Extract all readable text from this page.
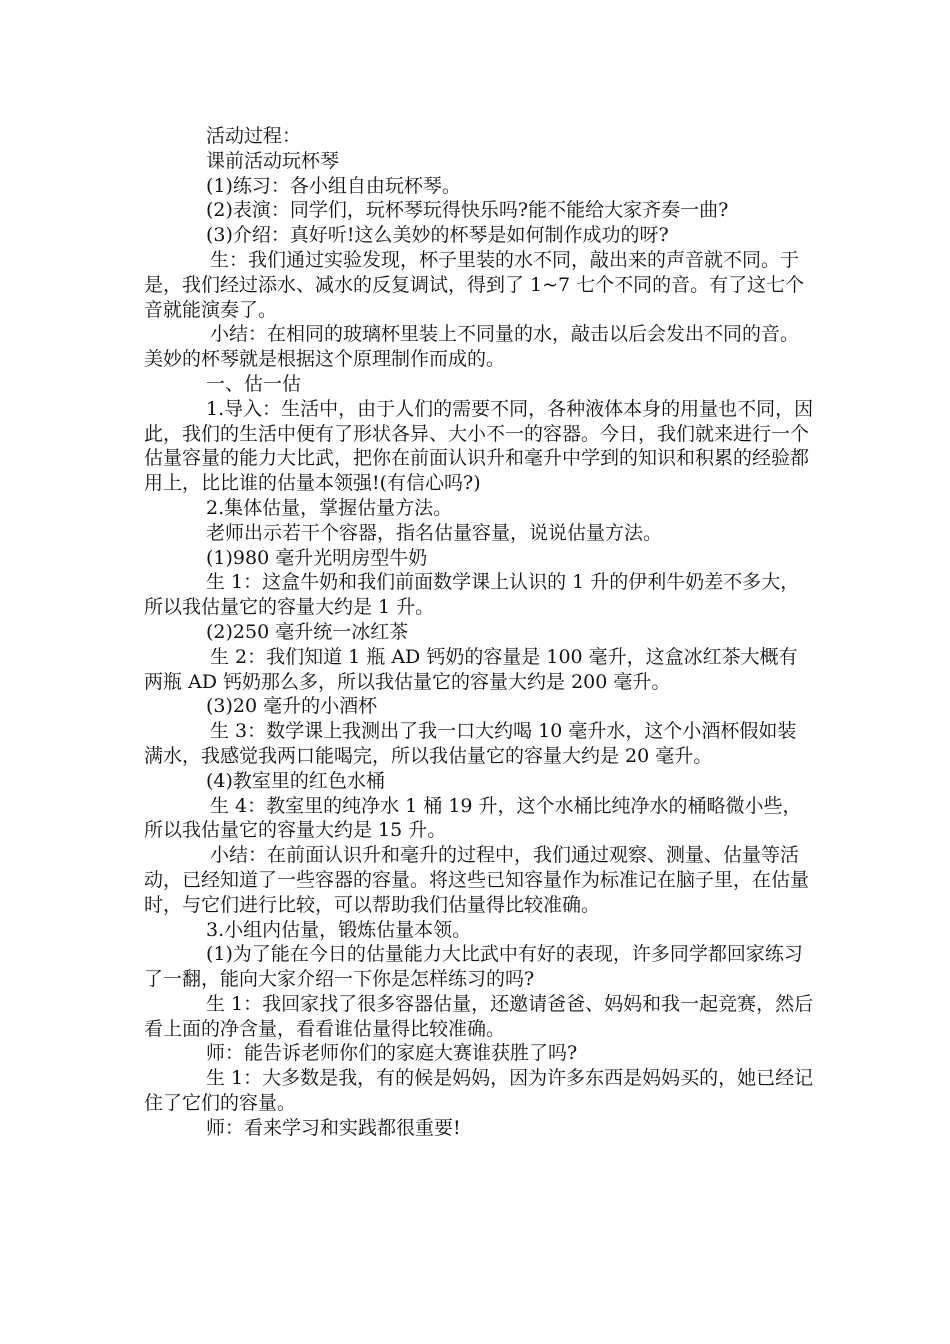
活动过程：

课前活动玩杯琴

(1)练习：各小组自由玩杯琴。

(2)表演：同学们，玩杯琴玩得快乐吗?能不能给大家齐奏一曲?

(3)介绍：真好听!这么美妙的杯琴是如何制作成功的呀?

生：我们通过实验发现，杯子里装的水不同，敲出来的声音就不同。于是，我们经过添水、减水的反复调试，得到了 1~7 七个不同的音。有了这七个音就能演奏了。

小结：在相同的玻璃杯里装上不同量的水，敲击以后会发出不同的音。美妙的杯琴就是根据这个原理制作而成的。

一、估一估

1.导入：生活中，由于人们的需要不同，各种液体本身的用量也不同，因此，我们的生活中便有了形状各异、大小不一的容器。今日，我们就来进行一个估量容量的能力大比武，把你在前面认识升和毫升中学到的知识和积累的经验都用上，比比谁的估量本领强!(有信心吗?)

2.集体估量，掌握估量方法。

老师出示若干个容器，指名估量容量，说说估量方法。

(1)980 毫升光明房型牛奶

生 1：这盒牛奶和我们前面数学课上认识的 1 升的伊利牛奶差不多大，所以我估量它的容量大约是 1 升。

(2)250 毫升统一冰红茶

生 2：我们知道 1 瓶 AD 钙奶的容量是 100 毫升，这盒冰红茶大概有两瓶 AD 钙奶那么多，所以我估量它的容量大约是 200 毫升。

(3)20 毫升的小酒杯

生 3：数学课上我测出了我一口大约喝 10 毫升水，这个小酒杯假如装满水，我感觉我两口能喝完，所以我估量它的容量大约是 20 毫升。

(4)教室里的红色水桶

生 4：教室里的纯净水 1 桶 19 升，这个水桶比纯净水的桶略微小些，所以我估量它的容量大约是 15 升。

小结：在前面认识升和毫升的过程中，我们通过观察、测量、估量等活动，已经知道了一些容器的容量。将这些已知容量作为标准记在脑子里，在估量时，与它们进行比较，可以帮助我们估量得比较准确。

3.小组内估量，锻炼估量本领。

(1)为了能在今日的估量能力大比武中有好的表现，许多同学都回家练习了一翻，能向大家介绍一下你是怎样练习的吗?

生 1：我回家找了很多容器估量，还邀请爸爸、妈妈和我一起竞赛，然后看上面的净含量，看看谁估量得比较准确。

师：能告诉老师你们的家庭大赛谁获胜了吗?

生 1：大多数是我，有的候是妈妈，因为许多东西是妈妈买的，她已经记住了它们的容量。

师：看来学习和实践都很重要!
